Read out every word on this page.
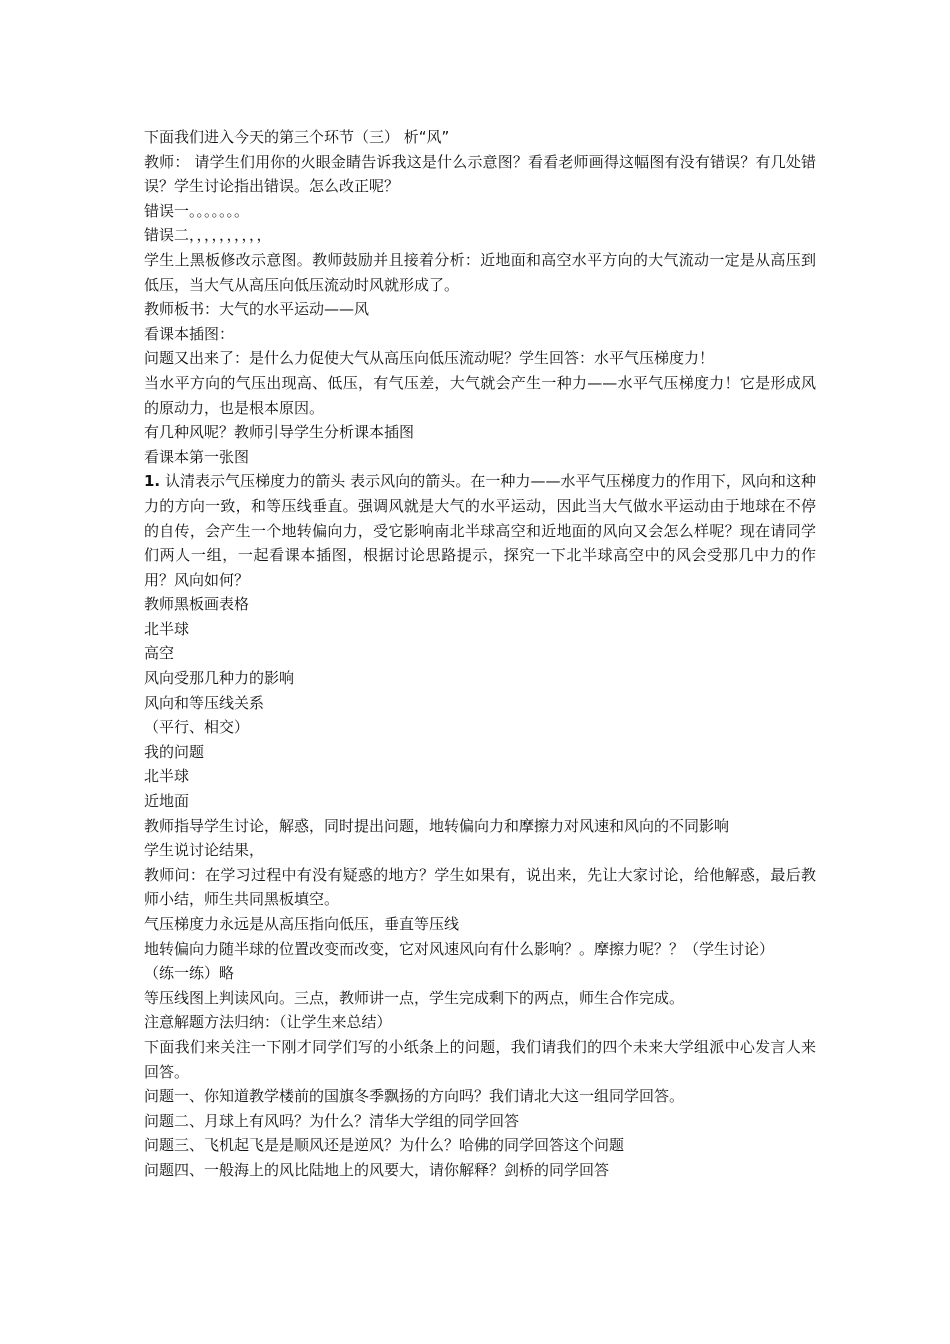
下面我们进入今天的第三个环节（三） 析“风”

教师： 请学生们用你的火眼金睛告诉我这是什么示意图？看看老师画得这幅图有没有错误？有几处错误？学生讨论指出错误。怎么改正呢？

错误一。。。。。。。

错误二，，，，，，，，，，

学生上黑板修改示意图。教师鼓励并且接着分析：近地面和高空水平方向的大气流动一定是从高压到低压，当大气从高压向低压流动时风就形成了。

教师板书：大气的水平运动——风

看课本插图：

问题又出来了：是什么力促使大气从高压向低压流动呢？学生回答：水平气压梯度力！

当水平方向的气压出现高、低压，有气压差，大气就会产生一种力——水平气压梯度力！它是形成风的原动力，也是根本原因。

有几种风呢？教师引导学生分析课本插图

看课本第一张图

1. 认清表示气压梯度力的箭头 表示风向的箭头。在一种力——水平气压梯度力的作用下，风向和这种力的方向一致，和等压线垂直。强调风就是大气的水平运动，因此当大气做水平运动由于地球在不停的自传，会产生一个地转偏向力，受它影响南北半球高空和近地面的风向又会怎么样呢？现在请同学们两人一组，一起看课本插图，根据讨论思路提示，探究一下北半球高空中的风会受那几中力的作用？风向如何？

教师黑板画表格

北半球

高空

风向受那几种力的影响

风向和等压线关系

（平行、相交）

我的问题

北半球

近地面

教师指导学生讨论，解惑，同时提出问题，地转偏向力和摩擦力对风速和风向的不同影响

学生说讨论结果，

教师问：在学习过程中有没有疑惑的地方？学生如果有，说出来，先让大家讨论，给他解惑，最后教师小结，师生共同黑板填空。

气压梯度力永远是从高压指向低压，垂直等压线

地转偏向力随半球的位置改变而改变，它对风速风向有什么影响？。摩擦力呢？？（学生讨论）

（练一练）略

等压线图上判读风向。三点，教师讲一点，学生完成剩下的两点，师生合作完成。

注意解题方法归纳：（让学生来总结）

下面我们来关注一下刚才同学们写的小纸条上的问题，我们请我们的四个未来大学组派中心发言人来回答。

问题一、你知道教学楼前的国旗冬季飘扬的方向吗？我们请北大这一组同学回答。

问题二、月球上有风吗？为什么？清华大学组的同学回答

问题三、飞机起飞是是顺风还是逆风？为什么？哈佛的同学回答这个问题

问题四、一般海上的风比陆地上的风要大，请你解释？剑桥的同学回答
